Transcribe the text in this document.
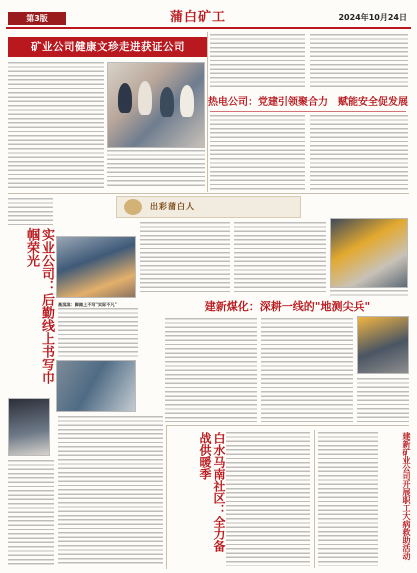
第3版	蒲白矿工	2024年10月24日
矿业公司健康文珍走进获证公司
热电公司：党建引领聚合力　赋能安全促发展
实业公司：后勤线上书写巾帼荣光
高滨滨：脚踏上不写"实际不凡"
出彩蒲白人
建新煤化：深耕一线的"地测尖兵"
白水马南社区：全力备战供暖季	建新矿业公司开展职工大病救助活动
